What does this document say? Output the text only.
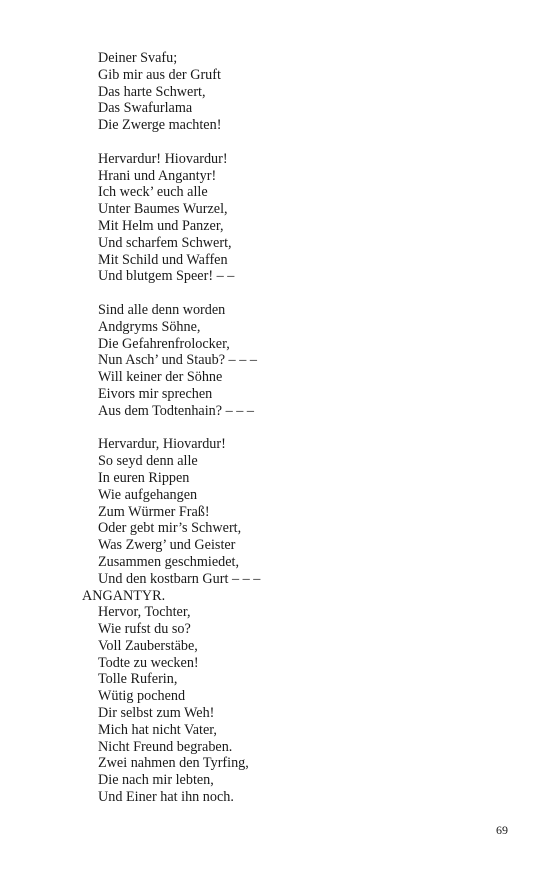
Deiner Svafu;
Gib mir aus der Gruft
Das harte Schwert,
Das Swafurlama
Die Zwerge machten!
Hervardur! Hiovardur!
Hrani und Angantyr!
Ich weck’ euch alle
Unter Baumes Wurzel,
Mit Helm und Panzer,
Und scharfem Schwert,
Mit Schild und Waffen
Und blutgem Speer! – –
Sind alle denn worden
Andgryms Söhne,
Die Gefahrenfrolocker,
Nun Asch’ und Staub? – – –
Will keiner der Söhne
Eivors mir sprechen
Aus dem Todtenhain? – – –
Hervardur, Hiovardur!
So seyd denn alle
In euren Rippen
Wie aufgehangen
Zum Würmer Fraß!
Oder gebt mir’s Schwert,
Was Zwerg’ und Geister
Zusammen geschmiedet,
Und den kostbarn Gurt – – –
ANGANTYR.
Hervor, Tochter,
Wie rufst du so?
Voll Zauberstäbe,
Todte zu wecken!
Tolle Ruferin,
Wütig pochend
Dir selbst zum Weh!
Mich hat nicht Vater,
Nicht Freund begraben.
Zwei nahmen den Tyrfing,
Die nach mir lebten,
Und Einer hat ihn noch.
69
